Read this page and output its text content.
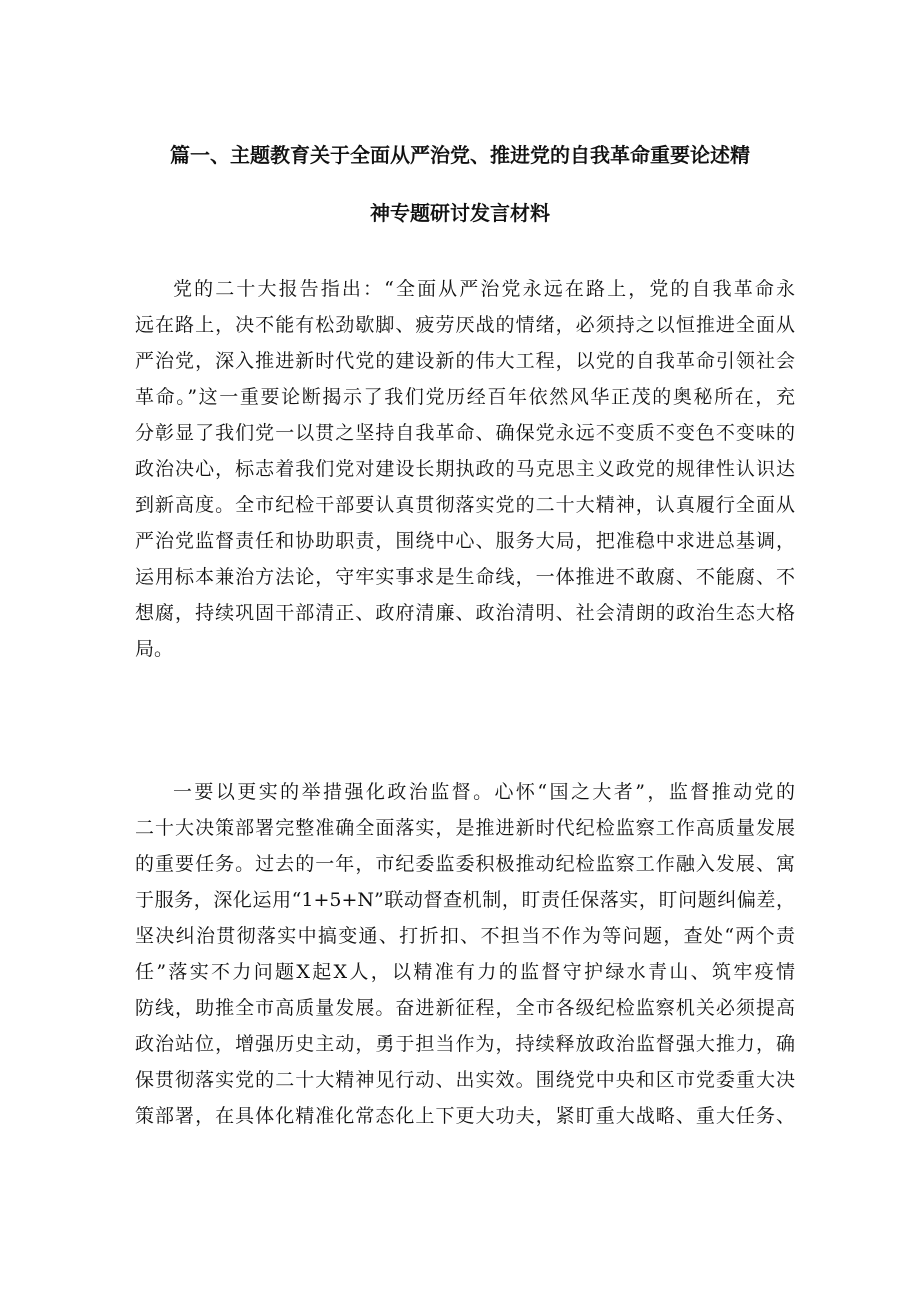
篇一、主题教育关于全面从严治党、推进党的自我革命重要论述精
神专题研讨发言材料
党的二十大报告指出：“全面从严治党永远在路上，党的自我革命永
远在路上，决不能有松劲歇脚、疲劳厌战的情绪，必须持之以恒推进全面从
严治党，深入推进新时代党的建设新的伟大工程，以党的自我革命引领社会
革命。”这一重要论断揭示了我们党历经百年依然风华正茂的奥秘所在，充
分彰显了我们党一以贯之坚持自我革命、确保党永远不变质不变色不变味的
政治决心，标志着我们党对建设长期执政的马克思主义政党的规律性认识达
到新高度。全市纪检干部要认真贯彻落实党的二十大精神，认真履行全面从
严治党监督责任和协助职责，围绕中心、服务大局，把准稳中求进总基调，
运用标本兼治方法论，守牢实事求是生命线，一体推进不敢腐、不能腐、不
想腐，持续巩固干部清正、政府清廉、政治清明、社会清朗的政治生态大格
局。
一要以更实的举措强化政治监督。心怀“国之大者”，监督推动党的
二十大决策部署完整准确全面落实，是推进新时代纪检监察工作高质量发展
的重要任务。过去的一年，市纪委监委积极推动纪检监察工作融入发展、寓
于服务，深化运用“1+5+N”联动督查机制，盯责任保落实，盯问题纠偏差，
坚决纠治贯彻落实中搞变通、打折扣、不担当不作为等问题，查处“两个责
任”落实不力问题X起X人，以精准有力的监督守护绿水青山、筑牢疫情
防线，助推全市高质量发展。奋进新征程，全市各级纪检监察机关必须提高
政治站位，增强历史主动，勇于担当作为，持续释放政治监督强大推力，确
保贯彻落实党的二十大精神见行动、出实效。围绕党中央和区市党委重大决
策部署，在具体化精准化常态化上下更大功夫，紧盯重大战略、重大任务、
